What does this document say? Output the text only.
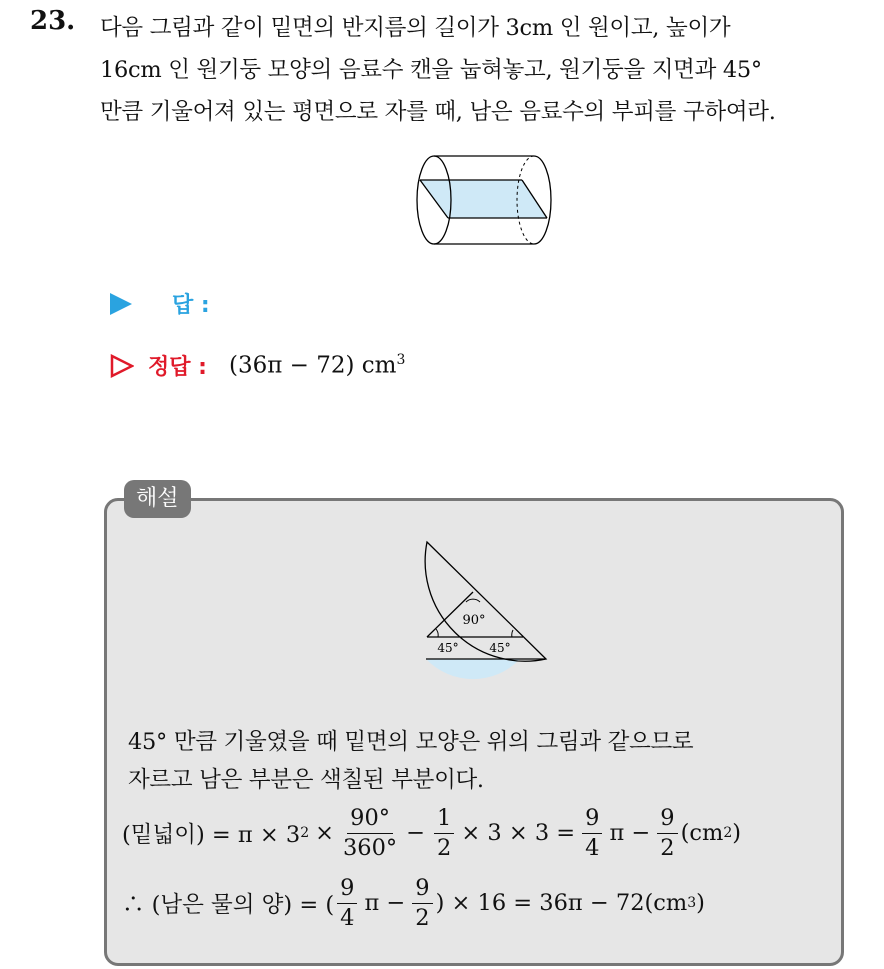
23. 다음 그림과 같이 밑면의 반지름의 길이가 3cm 인 원이고, 높이가
16cm 인 원기둥 모양의 음료수 캔을 눕혀놓고, 원기둥을 지면과 45°
만큼 기울어져 있는 평면으로 자를 때, 남은 음료수의 부피를 구하여라.
답 :
정답 : (36π − 72) $cm^3$
해설
90°
45°	45°
45° 만큼 기울였을 때 밑면의 모양은 위의 그림과 같으므로
자르고 남은 부분은 색칠된 부분이다.
(밑넓이) = π × 3 $2 \times \frac{90^\circ}{360^\circ} - \frac{1}{2} \times 3 \times 3 = \frac{9}{4}$ $\pi - \frac{9}{2} (cm$ 2 )
∴ (남은 물의 양) = ( $\frac{9}{4}$ $\pi - \frac{9}{2}$ ) × 16 = 36π − 72(cm 3 )
